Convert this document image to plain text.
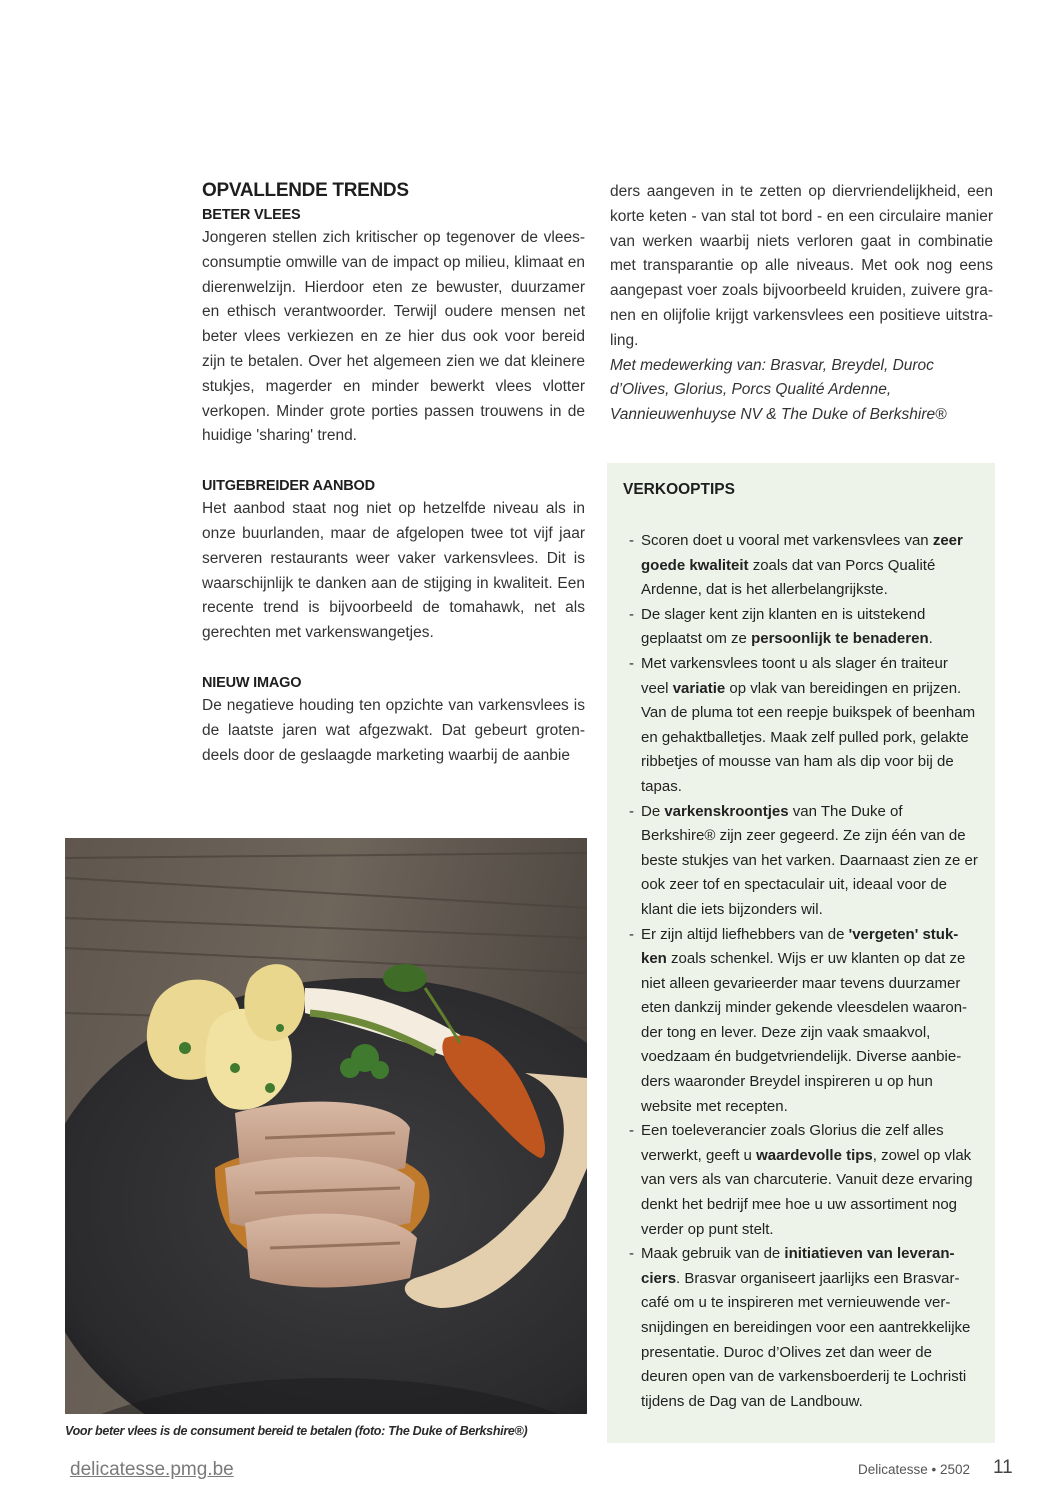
OPVALLENDE TRENDS
BETER VLEES

Jongeren stellen zich kritischer op tegenover de vleesconsumptie omwille van de impact op milieu, klimaat en dierenwelzijn. Hierdoor eten ze bewuster, duurzamer en ethisch verantwoorder. Terwijl oudere mensen net beter vlees verkiezen en ze hier dus ook voor bereid zijn te betalen. Over het algemeen zien we dat kleinere stukjes, magerder en minder bewerkt vlees vlotter verkopen. Minder grote porties passen trouwens in de huidige 'sharing' trend.

UITGEBREIDER AANBOD

Het aanbod staat nog niet op hetzelfde niveau als in onze buurlanden, maar de afgelopen twee tot vijf jaar serveren restaurants weer vaker varkensvlees. Dit is waarschijnlijk te danken aan de stijging in kwaliteit. Een recente trend is bijvoorbeeld de tomahawk, net als gerechten met varkenswangetjes.

NIEUW IMAGO

De negatieve houding ten opzichte van varkensvlees is de laatste jaren wat afgezwakt. Dat gebeurt grotendeels door de geslaagde marketing waarbij de aanbie

ders aangeven in te zetten op diervriendelijkheid, een korte keten - van stal tot bord - en een circulaire manier van werken waarbij niets verloren gaat in combinatie met transparantie op alle niveaus. Met ook nog eens aangepast voer zoals bijvoorbeeld kruiden, zuivere granen en olijfolie krijgt varkensvlees een positieve uitstraling.

Met medewerking van: Brasvar, Breydel, Duroc d’Olives, Glorius, Porcs Qualité Ardenne, Vannieuwenhuyse NV & The Duke of Berkshire®

VERKOOPTIPS
- Scoren doet u vooral met varkensvlees van zeer goede kwaliteit zoals dat van Porcs Qualité Ardenne, dat is het allerbelangrijkste.
- De slager kent zijn klanten en is uitstekend geplaatst om ze persoonlijk te benaderen.
- Met varkensvlees toont u als slager én traiteur veel variatie op vlak van bereidingen en prijzen. Van de pluma tot een reepje buikspek of beenham en gehaktballetjes. Maak zelf pulled pork, gelakte ribbetjes of mousse van ham als dip voor bij de tapas.
- De varkenskroontjes van The Duke of Berkshire® zijn zeer gegeerd. Ze zijn één van de beste stukjes van het varken. Daarnaast zien ze er ook zeer tof en spectaculair uit, ideaal voor de klant die iets bijzonders wil.
- Er zijn altijd liefhebbers van de 'vergeten' stukken zoals schenkel. Wijs er uw klanten op dat ze niet alleen gevarieerder maar tevens duurzamer eten dankzij minder gekende vleesdelen waaronder tong en lever. Deze zijn vaak smaakvol, voedzaam én budgetvriendelijk. Diverse aanbieders waaronder Breydel inspireren u op hun website met recepten.
- Een toeleverancier zoals Glorius die zelf alles verwerkt, geeft u waardevolle tips, zowel op vlak van vers als van charcuterie. Vanuit deze ervaring denkt het bedrijf mee hoe u uw assortiment nog verder op punt stelt.
- Maak gebruik van de initiatieven van leveranciers. Brasvar organiseert jaarlijks een Brasvarcafé om u te inspireren met vernieuwende versnijdingen en bereidingen voor een aantrekkelijke presentatie. Duroc d’Olives zet dan weer de deuren open van de varkensboerderij te Lochristi tijdens de Dag van de Landbouw.
Voor beter vlees is de consument bereid te betalen (foto: The Duke of Berkshire®)
delicatesse.pmg.be	Delicatesse • 2502 11
